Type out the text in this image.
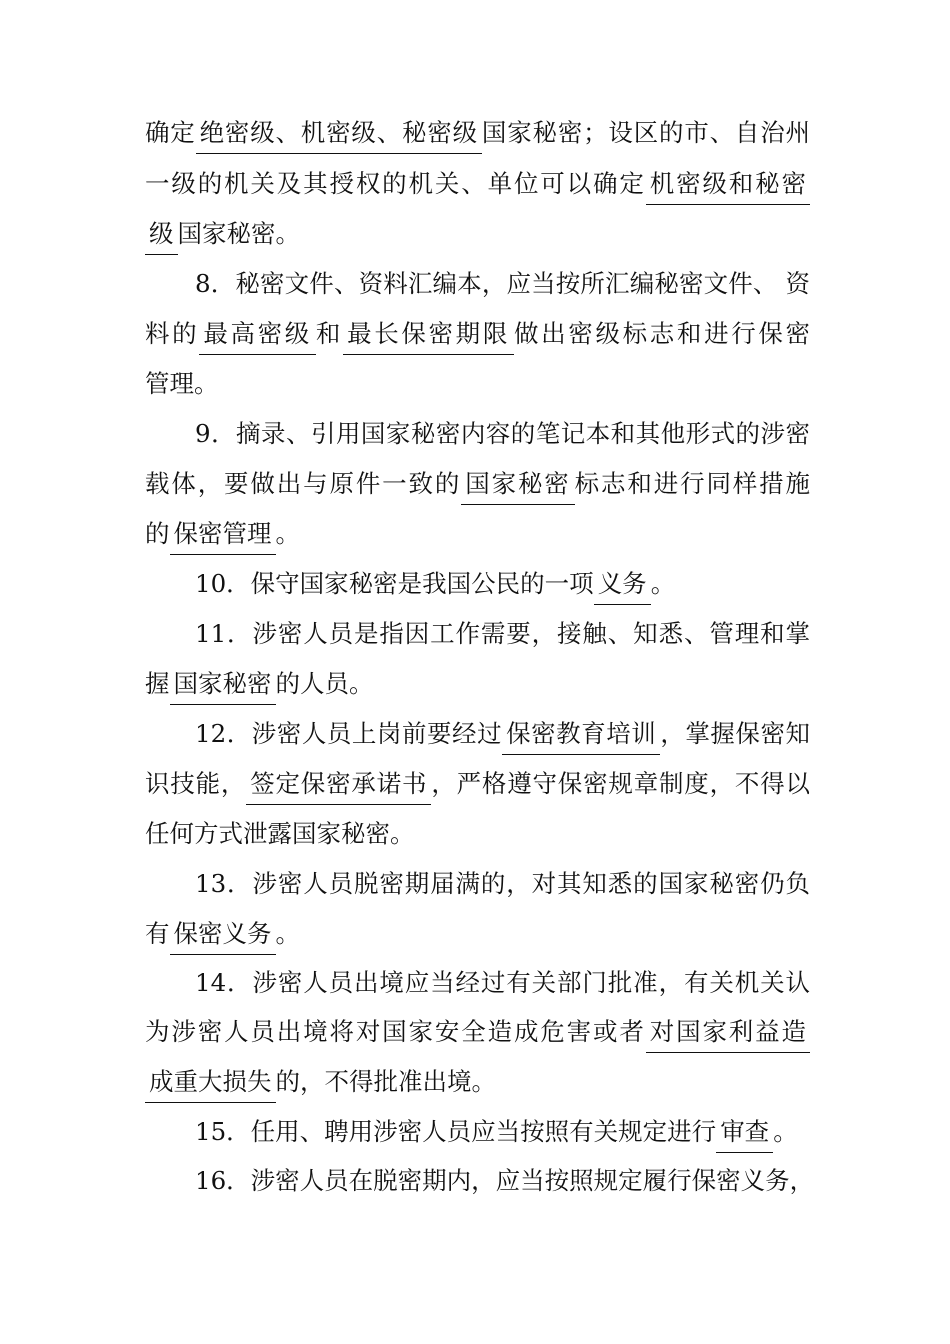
确定 绝密级、机密级、秘密级 国家秘密；设区的市、自治州
一级的机关及其授权的机关、单位可以确定 机密级和秘密
级 国家秘密。
8．秘密文件、资料汇编本，应当按所汇编秘密文件、 资
料的 最高密级 和 最长保密期限 做出密级标志和进行保密
管理。
9．摘录、引用国家秘密内容的笔记本和其他形式的涉密
载体，要做出与原件一致的 国家秘密 标志和进行同样措施
的 保密管理 。
10．保守国家秘密是我国公民的一项 义务 。
11．涉密人员是指因工作需要，接触、知悉、管理和掌
握 国家秘密 的人员。
12．涉密人员上岗前要经过 保密教育培训 ，掌握保密知
识技能， 签定保密承诺书 ，严格遵守保密规章制度，不得以
任何方式泄露国家秘密。
13．涉密人员脱密期届满的，对其知悉的国家秘密仍负
有 保密义务 。
14．涉密人员出境应当经过有关部门批准，有关机关认
为涉密人员出境将对国家安全造成危害或者 对国家利益造
成重大损失 的，不得批准出境。
15．任用、聘用涉密人员应当按照有关规定进行 审查 。
16．涉密人员在脱密期内，应当按照规定履行保密义务，
